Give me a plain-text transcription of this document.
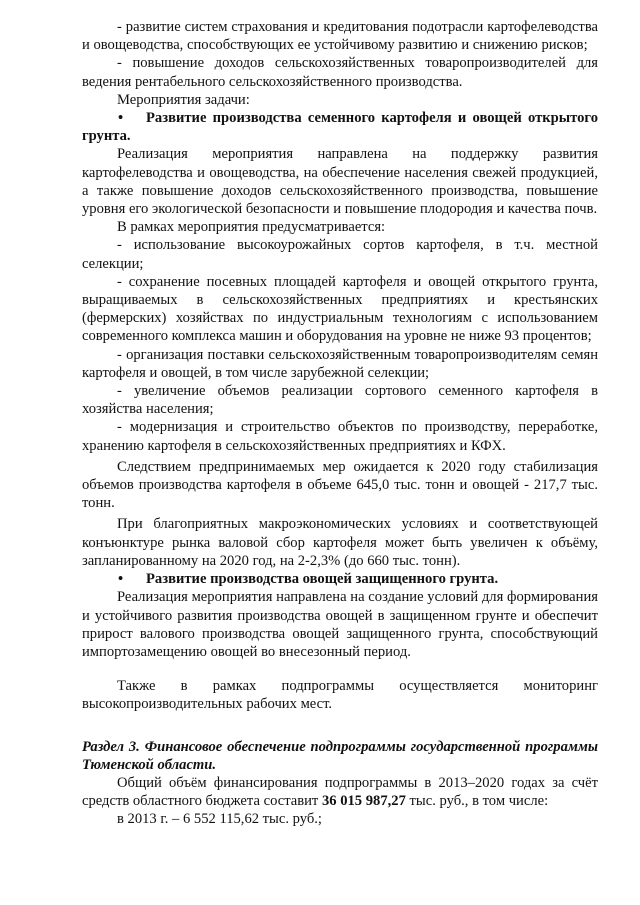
- развитие систем страхования и кредитования подотрасли картофелеводства и овощеводства, способствующих ее устойчивому развитию и снижению рисков;

- повышение доходов сельскохозяйственных товаропроизводителей для ведения рентабельного сельскохозяйственного производства.

Мероприятия задачи:

• Развитие производства семенного картофеля и овощей открытого грунта.

Реализация мероприятия направлена на поддержку развития картофелеводства и овощеводства, на обеспечение населения свежей продукцией, а также повышение доходов сельскохозяйственного производства, повышение уровня его экологической безопасности и повышение плодородия и качества почв.

В рамках мероприятия предусматривается:

- использование высокоурожайных сортов картофеля, в т.ч. местной селекции;

- сохранение посевных площадей картофеля и овощей открытого грунта, выращиваемых в сельскохозяйственных предприятиях и крестьянских (фермерских) хозяйствах по индустриальным технологиям с использованием современного комплекса машин и оборудования на уровне не ниже 93 процентов;

- организация поставки сельскохозяйственным товаропроизводителям семян картофеля и овощей, в том числе зарубежной селекции;

- увеличение объемов реализации сортового семенного картофеля в хозяйства населения;

- модернизация и строительство объектов по производству, переработке, хранению картофеля в сельскохозяйственных предприятиях и КФХ.

Следствием предпринимаемых мер ожидается к 2020 году стабилизация объемов производства картофеля в объеме 645,0 тыс. тонн и овощей - 217,7 тыс. тонн.

При благоприятных макроэкономических условиях и соответствующей конъюнктуре рынка валовой сбор картофеля может быть увеличен к объёму, запланированному на 2020 год, на 2-2,3% (до 660 тыс. тонн).

• Развитие производства овощей защищенного грунта.

Реализация мероприятия направлена на создание условий для формирования и устойчивого развития производства овощей в защищенном грунте и обеспечит прирост валового производства овощей защищенного грунта, способствующий импортозамещению овощей во внесезонный период.

Также в рамках подпрограммы осуществляется мониторинг высокопроизводительных рабочих мест.

Раздел 3. Финансовое обеспечение подпрограммы государственной программы Тюменской области.

Общий объём финансирования подпрограммы в 2013–2020 годах за счёт средств областного бюджета составит 36 015 987,27 тыс. руб., в том числе:

в 2013 г. – 6 552 115,62 тыс. руб.;
